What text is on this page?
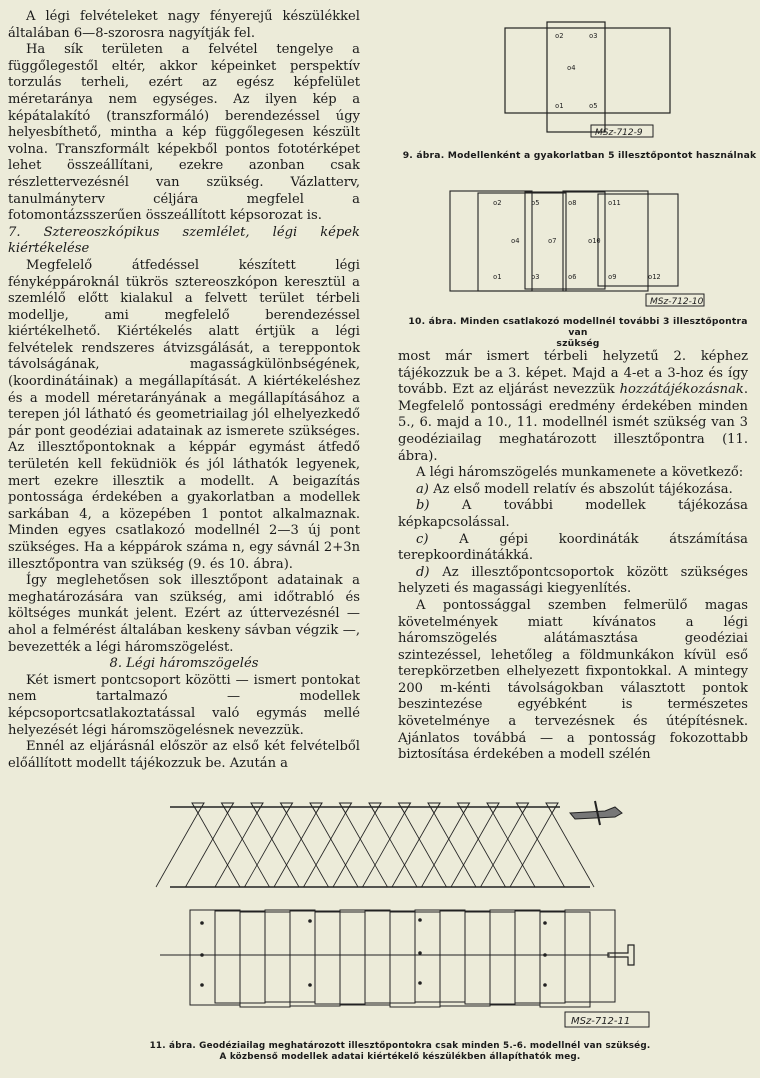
A légi felvételeket nagy fényerejű készülékkel általában 6—8-szorosra nagyítják fel.

Ha sík területen a felvétel tengelye a függőlegestől eltér, akkor képeinket perspektív torzulás terheli, ezért az egész képfelület méretaránya nem egységes. Az ilyen kép a képátalakító (transzformáló) berendezéssel úgy helyesbíthető, mintha a kép függőlegesen készült volna. Transzformált képekből pontos fototérképet lehet összeállítani, ezekre azonban csak részlettervezésnél van szükség. Vázlatterv, tanulmányterv céljára megfelel a fotomontázsszerűen összeállított képsorozat is.

7. Sztereoszkópikus szemlélet, légi képek kiértékelése

Megfelelő átfedéssel készített légi fényképpároknál tükrös sztereoszkópon keresztül a szemlélő előtt kialakul a felvett terület térbeli modellje, ami megfelelő berendezéssel kiértékelhető. Kiértékelés alatt értjük a légi felvételek rendszeres átvizsgálását, a tereppontok távolságának, magasságkülönbségének, (koordinátáinak) a megállapítását. A kiértékeléshez és a modell méretarányának a megállapításához a terepen jól látható és geometriailag jól elhelyezkedő pár pont geodéziai adatainak az ismerete szükséges. Az illesztőpontoknak a képpár egymást átfedő területén kell feküdniök és jól láthatók legyenek, mert ezekre illesztik a modellt. A beigazítás pontossága érdekében a gyakorlatban a modellek sarkában 4, a közepében 1 pontot alkalmaznak. Minden egyes csatlakozó modellnél 2—3 új pont szükséges. Ha a képpárok száma n, egy sávnál 2+3n illesztőpontra van szükség (9. és 10. ábra).

Így meglehetősen sok illesztőpont adatainak a meghatározására van szükség, ami időtrabló és költséges munkát jelent. Ezért az úttervezésnél — ahol a felmérést általában keskeny sávban végzik —, bevezették a légi háromszögelést.

8. Légi háromszögelés

Két ismert pontcsoport közötti — ismert pontokat nem tartalmazó — modellek képcsoportcsatlakoztatással való egymás mellé helyezését légi háromszögelésnek nevezzük.

Ennél az eljárásnál először az első két felvételből előállított modellt tájékozzuk be. Azután a

most már ismert térbeli helyzetű 2. képhez tájékozzuk be a 3. képet. Majd a 4-et a 3-hoz és így tovább. Ezt az eljárást nevezzük hozzátájékozásnak. Megfelelő pontossági eredmény érdekében minden 5., 6. majd a 10., 11. modellnél ismét szükség van 3 geodéziailag meghatározott illesztőpontra (11. ábra).

A légi háromszögelés munkamenete a következő:

a) Az első modell relatív és abszolút tájékozása.

b) A további modellek tájékozása képkapcsolással.

c) A gépi koordináták átszámítása terepkoordinátákká.

d) Az illesztőpontcsoportok között szükséges helyzeti és magassági kiegyenlítés.

A pontossággal szemben felmerülő magas követelmények miatt kívánatos a légi háromszögelés alátámasztása geodéziai szintezéssel, lehetőleg a földmunkákon kívül eső terepkörzetben elhelyezett fixpontokkal. A mintegy 200 m-kénti távolságokban választott pontok beszintezése egyébként is természetes követelménye a tervezésnek és útépítésnek. Ajánlatos továbbá — a pontosság fokozottabb biztosítása érdekében a modell szélén

o2	o3
o4
o1	o5
MSz-712-9
9. ábra. Modellenként a gyakorlatban 5 illesztőpontot használnak
o2	o5	o8	o11
o4	o7	o10
o1	o3	o6	o9	o12
MSz-712-10
10. ábra. Minden csatlakozó modellnél további 3 illesztőpontra van
szükség
MSz-712-11
11. ábra. Geodéziailag meghatározott illesztőpontokra csak minden 5.-6. modellnél van szükség.
A közbenső modellek adatai kiértékelő készülékben állapíthatók meg.
